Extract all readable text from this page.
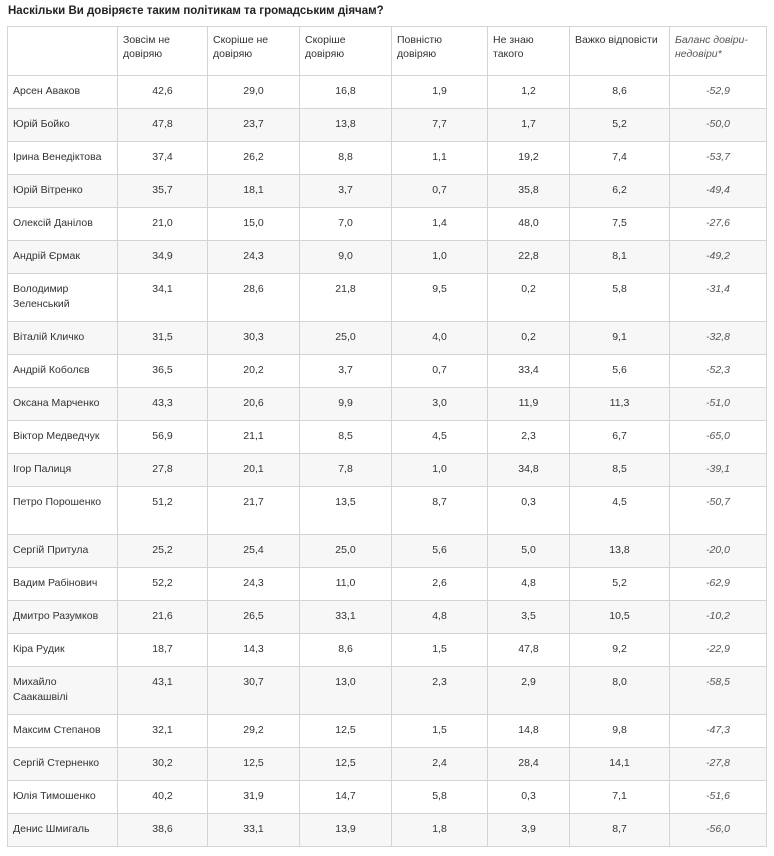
Наскільки Ви довіряєте таким політикам та громадським діячам?
	Зовсім не довіряю	Скоріше не довіряю	Скоріше довіряю	Повністю довіряю	Не знаю такого	Важко відповісти	Баланс довіри-недовіри*
Арсен Аваков	42,6	29,0	16,8	1,9	1,2	8,6	-52,9
Юрій Бойко	47,8	23,7	13,8	7,7	1,7	5,2	-50,0
Ірина Венедіктова	37,4	26,2	8,8	1,1	19,2	7,4	-53,7
Юрій Вітренко	35,7	18,1	3,7	0,7	35,8	6,2	-49,4
Олексій Данілов	21,0	15,0	7,0	1,4	48,0	7,5	-27,6
Андрій Єрмак	34,9	24,3	9,0	1,0	22,8	8,1	-49,2
Володимир Зеленський	34,1	28,6	21,8	9,5	0,2	5,8	-31,4
Віталій Кличко	31,5	30,3	25,0	4,0	0,2	9,1	-32,8
Андрій Коболєв	36,5	20,2	3,7	0,7	33,4	5,6	-52,3
Оксана Марченко	43,3	20,6	9,9	3,0	11,9	11,3	-51,0
Віктор Медведчук	56,9	21,1	8,5	4,5	2,3	6,7	-65,0
Ігор Палиця	27,8	20,1	7,8	1,0	34,8	8,5	-39,1
Петро Порошенко	51,2	21,7	13,5	8,7	0,3	4,5	-50,7
Сергій Притула	25,2	25,4	25,0	5,6	5,0	13,8	-20,0
Вадим Рабінович	52,2	24,3	11,0	2,6	4,8	5,2	-62,9
Дмитро Разумков	21,6	26,5	33,1	4,8	3,5	10,5	-10,2
Кіра Рудик	18,7	14,3	8,6	1,5	47,8	9,2	-22,9
Михайло Саакашвілі	43,1	30,7	13,0	2,3	2,9	8,0	-58,5
Максим Степанов	32,1	29,2	12,5	1,5	14,8	9,8	-47,3
Сергій Стерненко	30,2	12,5	12,5	2,4	28,4	14,1	-27,8
Юлія Тимошенко	40,2	31,9	14,7	5,8	0,3	7,1	-51,6
Денис Шмигаль	38,6	33,1	13,9	1,8	3,9	8,7	-56,0
